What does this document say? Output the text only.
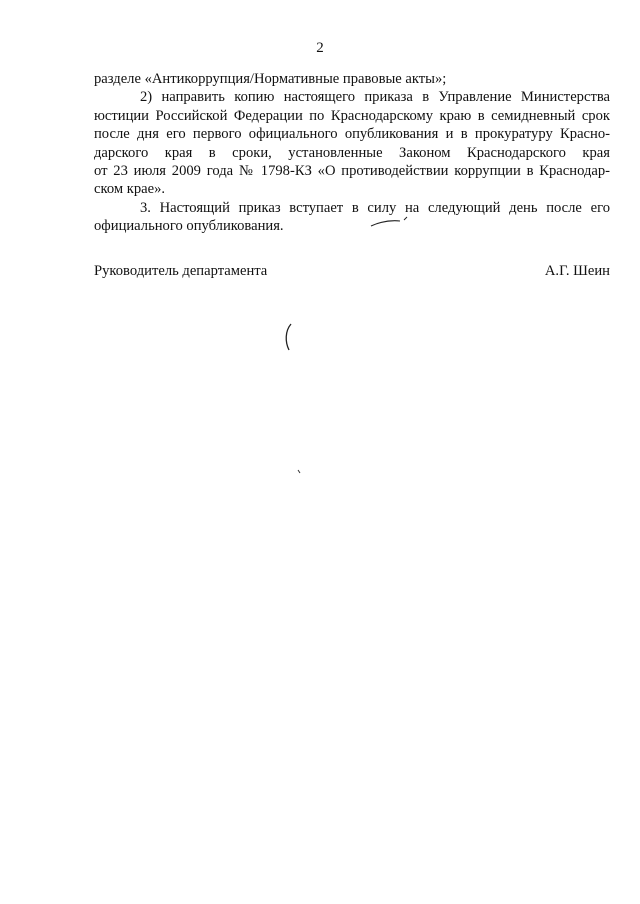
2
разделе «Антикоррупция/Нормативные правовые акты»;
2) направить копию настоящего приказа в Управление Министерства
юстиции Российской Федерации по Краснодарскому краю в семидневный срок
после дня его первого официального опубликования и в прокуратуру Красно-
дарского края в сроки, установленные Законом Краснодарского края
от 23 июля 2009 года № 1798-КЗ «О противодействии коррупции в Краснодар-
ском крае».
3. Настоящий приказ вступает в силу на следующий день после его
официального опубликования.
Руководитель департамента	А.Г. Шеин
